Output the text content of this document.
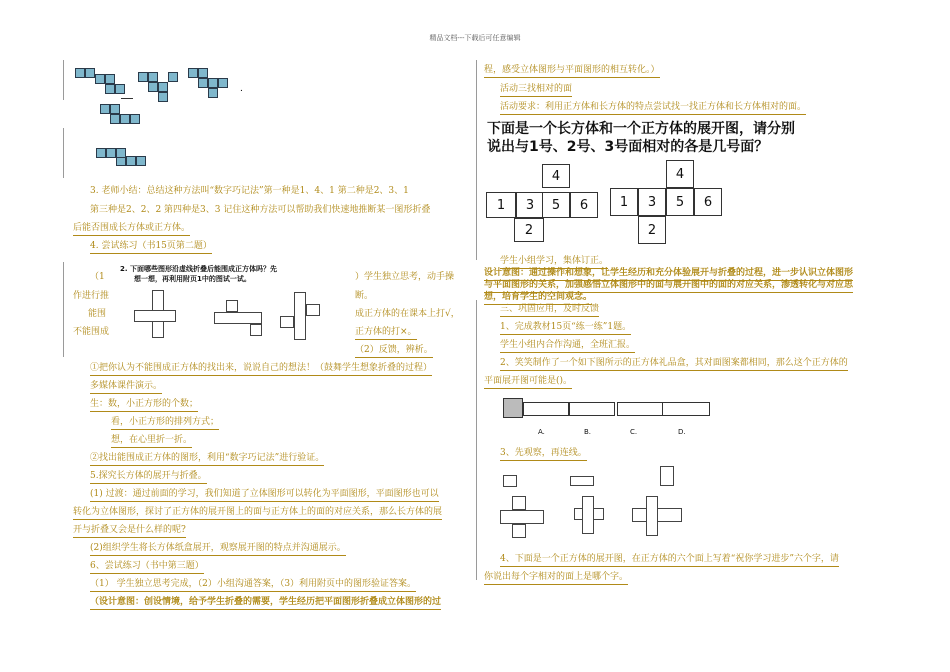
精品文档---下载后可任意编辑
.
3. 老师小结：总结这种方法叫“数字巧记法”第一种是1、4、1 第二种是2、3、1
第三种是2、2、2 第四种是3、3 记住这种方法可以帮助我们快速地推断某一图形折叠
后能否围成长方体或正方体。
4. 尝试练习（书15页第二题）
2. 下面哪些图形沿虚线折叠后能围成正方体吗？先
想一想，再利用附页1中的图试一试。
（1	）学生独立思考，动手操
作进行推	断。
能围	成正方体的在课本上打√，
不能围成	正方体的打×。
（2）反馈，辨析。
①把你认为不能围成正方体的找出来，说说自己的想法！（鼓舞学生想象折叠的过程）
多媒体课件演示。
生：数，小正方形的个数；
看，小正方形的排列方式；
想，在心里折一折。
②找出能围成正方体的图形，利用“数字巧记法”进行验证。
5.探究长方体的展开与折叠。
(1) 过渡：通过前面的学习，我们知道了立体图形可以转化为平面图形，平面图形也可以
转化为立体图形，探讨了正方体的展开图上的面与正方体上的面的对应关系，那么长方体的展
开与折叠又会是什么样的呢?
(2)组织学生将长方体纸盒展开，观察展开图的特点并沟通展示。
6、尝试练习（书中第三题）
（1） 学生独立思考完成，（2）小组沟通答案，（3）利用附页中的图形验证答案。
（设计意图：创设情境，给予学生折叠的需要，学生经历把平面图形折叠成立体图形的过
程，感受立体图形与平面图形的相互转化。）
活动三找相对的面
活动要求：利用正方体和长方体的特点尝试找一找正方体和长方体相对的面。
下面是一个长方体和一个正方体的展开图，请分别
说出与1号、2号、3号面相对的各是几号面？
4
1	3	5	6
2
4
1	3	5	6
2
学生小组学习，集体订正。
设计意图：通过操作和想象，让学生经历和充分体验展开与折叠的过程，进一步认识立体图形
与平面图形的关系，加强感悟立体图形中的面与展开图中的面的对应关系，渗透转化与对应思
想，培育学生的空间观念。
三、巩固应用，及时反馈
1、完成教材15页“练一练”1题。
学生小组内合作沟通，全班汇报。
2、笑笑制作了一个如下图所示的正方体礼品盒，其对面图案都相同，那么这个正方体的
平面展开图可能是()。
A.	B.	C.	D.
3、先观察，再连线。
4、下面是一个正方体的展开图，在正方体的六个面上写着“祝你学习进步”六个字，请
你说出每个字相对的面上是哪个字。
